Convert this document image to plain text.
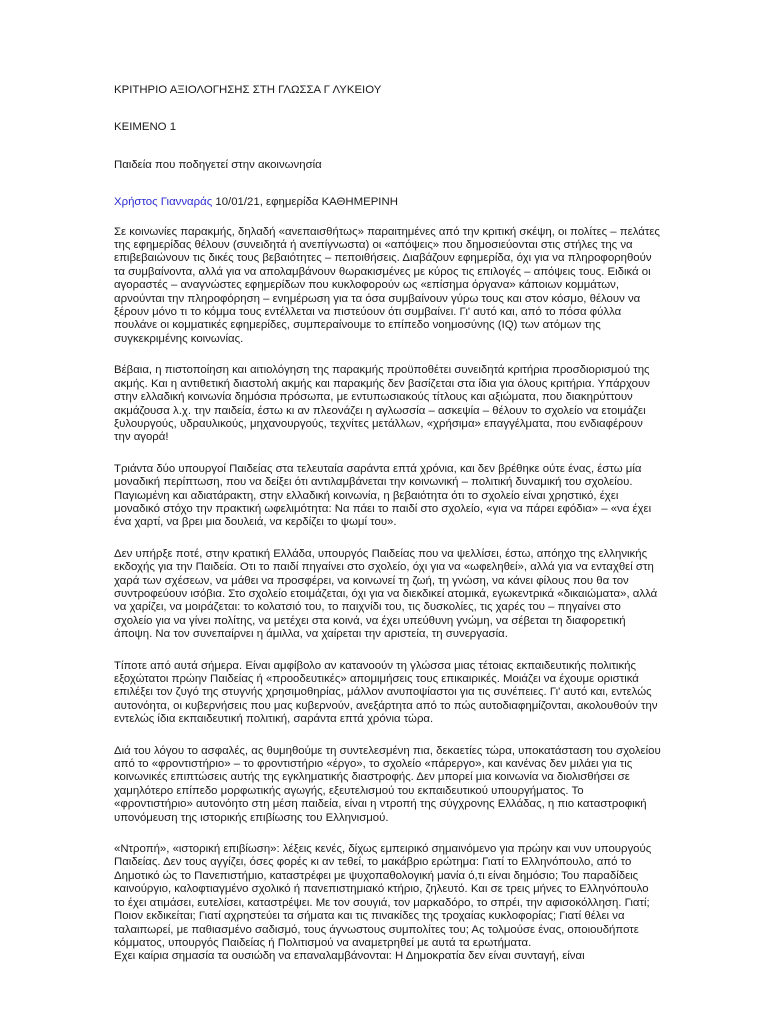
ΚΡΙΤΗΡΙΟ ΑΞΙΟΛΟΓΗΣΗΣ ΣΤΗ ΓΛΩΣΣΑ Γ ΛΥΚΕΙΟΥ

ΚΕΙΜΕΝΟ 1

Παιδεία που ποδηγετεί στην ακοινωνησία

Χρήστος Γιανναράς 10/01/21, εφημερίδα ΚΑΘΗΜΕΡΙΝΗ

Σε κοινωνίες παρακμής, δηλαδή «ανεπαισθήτως» παραιτημένες από την κριτική σκέψη, οι πολίτες – πελάτες της εφημερίδας θέλουν (συνειδητά ή ανεπίγνωστα) οι «απόψεις» που δημοσιεύονται στις στήλες της να επιβεβαιώνουν τις δικές τους βεβαιότητες – πεποιθήσεις. Διαβάζουν εφημερίδα, όχι για να πληροφορηθούν τα συμβαίνοντα, αλλά για να απολαμβάνουν θωρακισμένες με κύρος τις επιλογές – απόψεις τους. Ειδικά οι αγοραστές – αναγνώστες εφημερίδων που κυκλοφορούν ως «επίσημα όργανα» κάποιων κομμάτων, αρνούνται την πληροφόρηση – ενημέρωση για τα όσα συμβαίνουν γύρω τους και στον κόσμο, θέλουν να ξέρουν μόνο τι το κόμμα τους εντέλλεται να πιστεύουν ότι συμβαίνει. Γι' αυτό και, από το πόσα φύλλα πουλάνε οι κομματικές εφημερίδες, συμπεραίνουμε το επίπεδο νοημοσύνης (IQ) των ατόμων της συγκεκριμένης κοινωνίας.

Βέβαια, η πιστοποίηση και αιτιολόγηση της παρακμής προϋποθέτει συνειδητά κριτήρια προσδιορισμού της ακμής. Και η αντιθετική διαστολή ακμής και παρακμής δεν βασίζεται στα ίδια για όλους κριτήρια. Υπάρχουν στην ελλαδική κοινωνία δημόσια πρόσωπα, με εντυπωσιακούς τίτλους και αξιώματα, που διακηρύττουν ακμάζουσα λ.χ. την παιδεία, έστω κι αν πλεονάζει η αγλωσσία – ασκεψία – θέλουν το σχολείο να ετοιμάζει ξυλουργούς, υδραυλικούς, μηχανουργούς, τεχνίτες μετάλλων, «χρήσιμα» επαγγέλματα, που ενδιαφέρουν την αγορά!

Τριάντα δύο υπουργοί Παιδείας στα τελευταία σαράντα επτά χρόνια, και δεν βρέθηκε ούτε ένας, έστω μία μοναδική περίπτωση, που να δείξει ότι αντιλαμβάνεται την κοινωνική – πολιτική δυναμική του σχολείου. Παγιωμένη και αδιατάρακτη, στην ελλαδική κοινωνία, η βεβαιότητα ότι το σχολείο είναι χρηστικό, έχει μοναδικό στόχο την πρακτική ωφελιμότητα: Να πάει το παιδί στο σχολείο, «για να πάρει εφόδια» – «να έχει ένα χαρτί, να βρει μια δουλειά, να κερδίζει το ψωμί του».

Δεν υπήρξε ποτέ, στην κρατική Ελλάδα, υπουργός Παιδείας που να ψελλίσει, έστω, απόηχο της ελληνικής εκδοχής για την Παιδεία. Οτι το παιδί πηγαίνει στο σχολείο, όχι για να «ωφεληθεί», αλλά για να ενταχθεί στη χαρά των σχέσεων, να μάθει να προσφέρει, να κοινωνεί τη ζωή, τη γνώση, να κάνει φίλους που θα τον συντροφεύουν ισόβια. Στο σχολείο ετοιμάζεται, όχι για να διεκδικεί ατομικά, εγωκεντρικά «δικαιώματα», αλλά να χαρίζει, να μοιράζεται: το κολατσιό του, το παιχνίδι του, τις δυσκολίες, τις χαρές του – πηγαίνει στο σχολείο για να γίνει πολίτης, να μετέχει στα κοινά, να έχει υπεύθυνη γνώμη, να σέβεται τη διαφορετική άποψη. Να τον συνεπαίρνει η άμιλλα, να χαίρεται την αριστεία, τη συνεργασία.

Τίποτε από αυτά σήμερα. Είναι αμφίβολο αν κατανοούν τη γλώσσα μιας τέτοιας εκπαιδευτικής πολιτικής εξοχώτατοι πρώην Παιδείας ή «προοδευτικές» απομιμήσεις τους επικαιρικές. Μοιάζει να έχουμε οριστικά επιλέξει τον ζυγό της στυγνής χρησιμοθηρίας, μάλλον ανυποψίαστοι για τις συνέπειες. Γι' αυτό και, εντελώς αυτονόητα, οι κυβερνήσεις που μας κυβερνούν, ανεξάρτητα από το πώς αυτοδιαφημίζονται, ακολουθούν την εντελώς ίδια εκπαιδευτική πολιτική, σαράντα επτά χρόνια τώρα.

Διά του λόγου το ασφαλές, ας θυμηθούμε τη συντελεσμένη πια, δεκαετίες τώρα, υποκατάσταση του σχολείου από το «φροντιστήριο» – το φροντιστήριο «έργο», το σχολείο «πάρεργο», και κανένας δεν μιλάει για τις κοινωνικές επιπτώσεις αυτής της εγκληματικής διαστροφής. Δεν μπορεί μια κοινωνία να διολισθήσει σε χαμηλότερο επίπεδο μορφωτικής αγωγής, εξευτελισμού του εκπαιδευτικού υπουργήματος. Το «φροντιστήριο» αυτονόητο στη μέση παιδεία, είναι η ντροπή της σύγχρονης Ελλάδας, η πιο καταστροφική υπονόμευση της ιστορικής επιβίωσης του Ελληνισμού.

«Ντροπή», «ιστορική επιβίωση»: λέξεις κενές, δίχως εμπειρικό σημαινόμενο για πρώην και νυν υπουργούς Παιδείας. Δεν τους αγγίζει, όσες φορές κι αν τεθεί, το μακάβριο ερώτημα: Γιατί το Ελληνόπουλο, από το Δημοτικό ώς το Πανεπιστήμιο, καταστρέφει με ψυχοπαθολογική μανία ό,τι είναι δημόσιο; Του παραδίδεις καινούργιο, καλοφτιαγμένο σχολικό ή πανεπιστημιακό κτήριο, ζηλευτό. Και σε τρεις μήνες το Ελληνόπουλο το έχει ατιμάσει, ευτελίσει, καταστρέψει. Με τον σουγιά, τον μαρκαδόρο, το σπρέι, την αφισοκόλληση. Γιατί; Ποιον εκδικείται; Γιατί αχρηστεύει τα σήματα και τις πινακίδες της τροχαίας κυκλοφορίας; Γιατί θέλει να ταλαιπωρεί, με παθιασμένο σαδισμό, τους άγνωστους συμπολίτες του; Ας τολμούσε ένας, οποιουδήποτε κόμματος, υπουργός Παιδείας ή Πολιτισμού να αναμετρηθεί με αυτά τα ερωτήματα.

Εχει καίρια σημασία τα ουσιώδη να επαναλαμβάνονται: Η Δημοκρατία δεν είναι συνταγή, είναι
